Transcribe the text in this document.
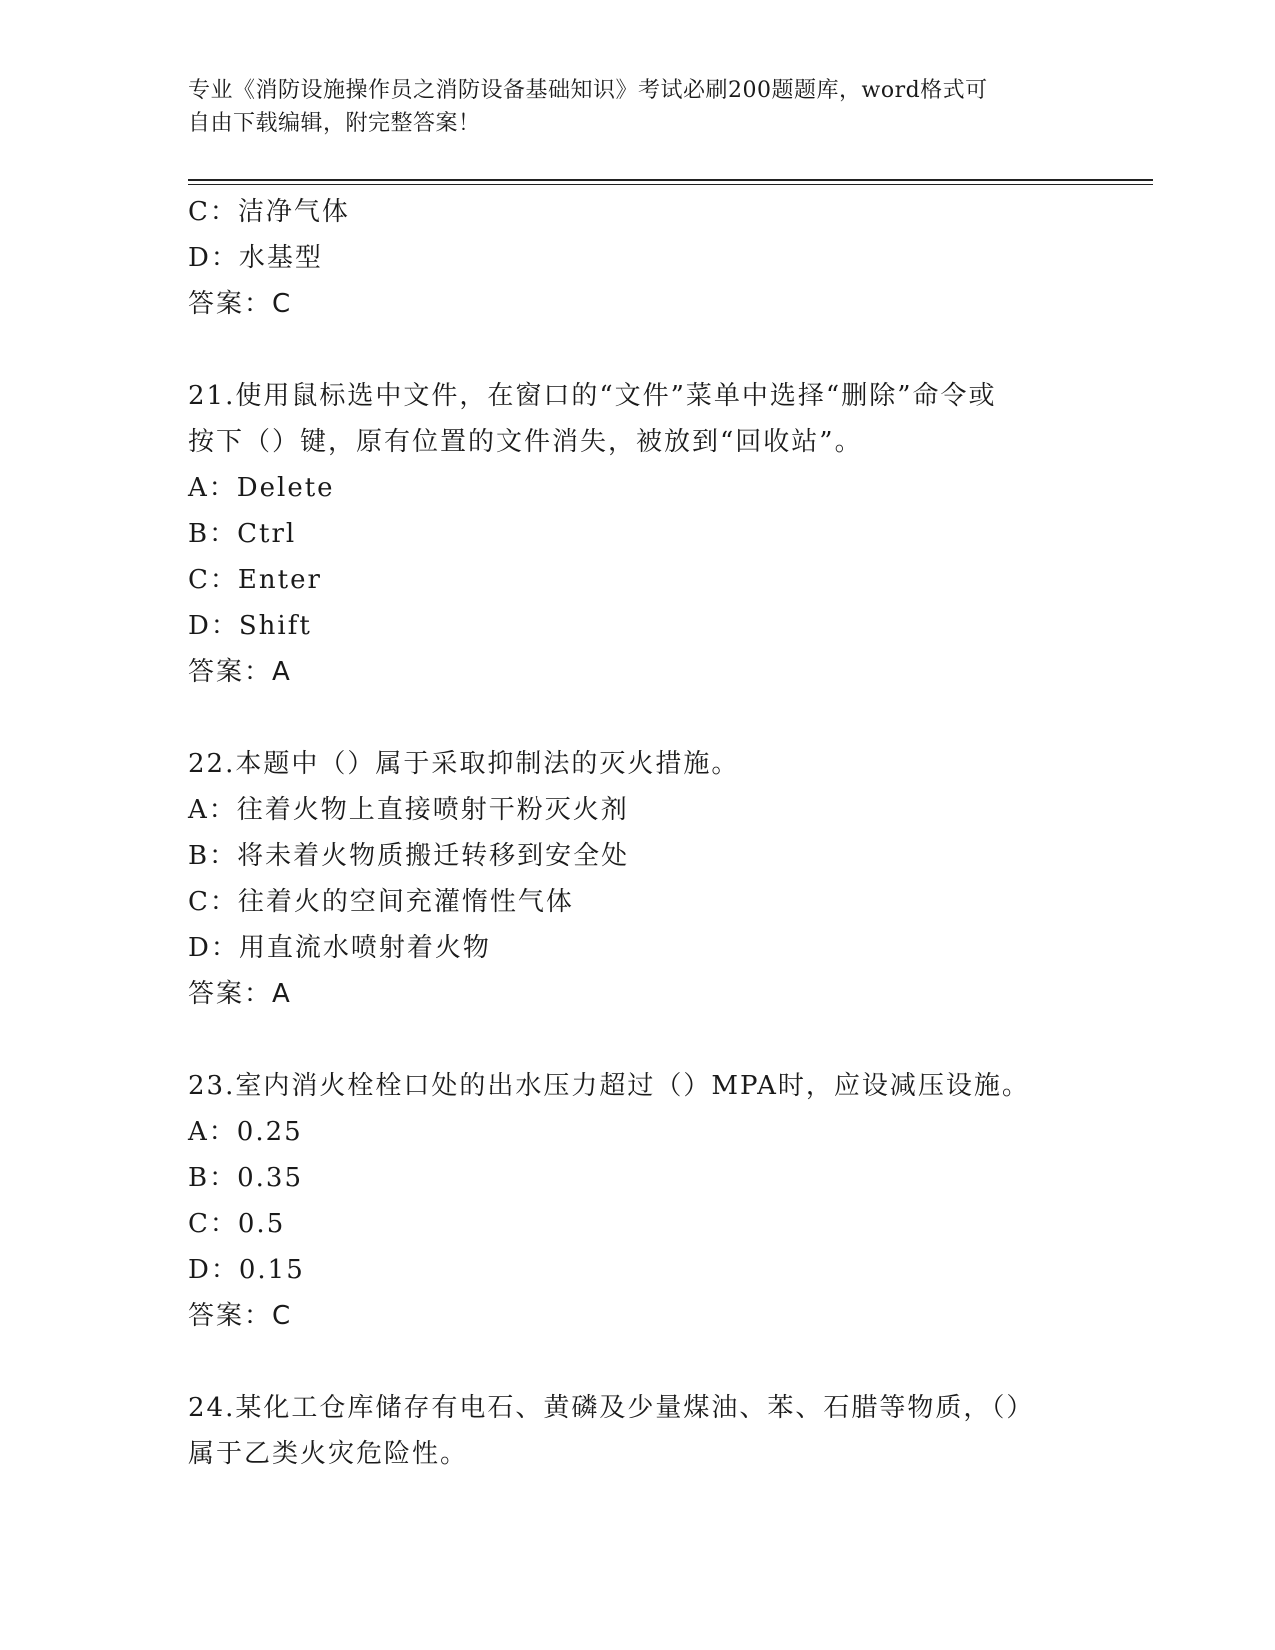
专业《消防设施操作员之消防设备基础知识》考试必刷200题题库，word格式可
自由下载编辑，附完整答案！
C：洁净气体
D：水基型
答案：C
21.使用鼠标选中文件，在窗口的“文件”菜单中选择“删除”命令或
按下（）键，原有位置的文件消失，被放到“回收站”。
A：Delete
B：Ctrl
C：Enter
D：Shift
答案：A
22.本题中（）属于采取抑制法的灭火措施。
A：往着火物上直接喷射干粉灭火剂
B：将未着火物质搬迁转移到安全处
C：往着火的空间充灌惰性气体
D：用直流水喷射着火物
答案：A
23.室内消火栓栓口处的出水压力超过（）MPA时，应设减压设施。
A：0.25
B：0.35
C：0.5
D：0.15
答案：C
24.某化工仓库储存有电石、黄磷及少量煤油、苯、石腊等物质，（）
属于乙类火灾危险性。
